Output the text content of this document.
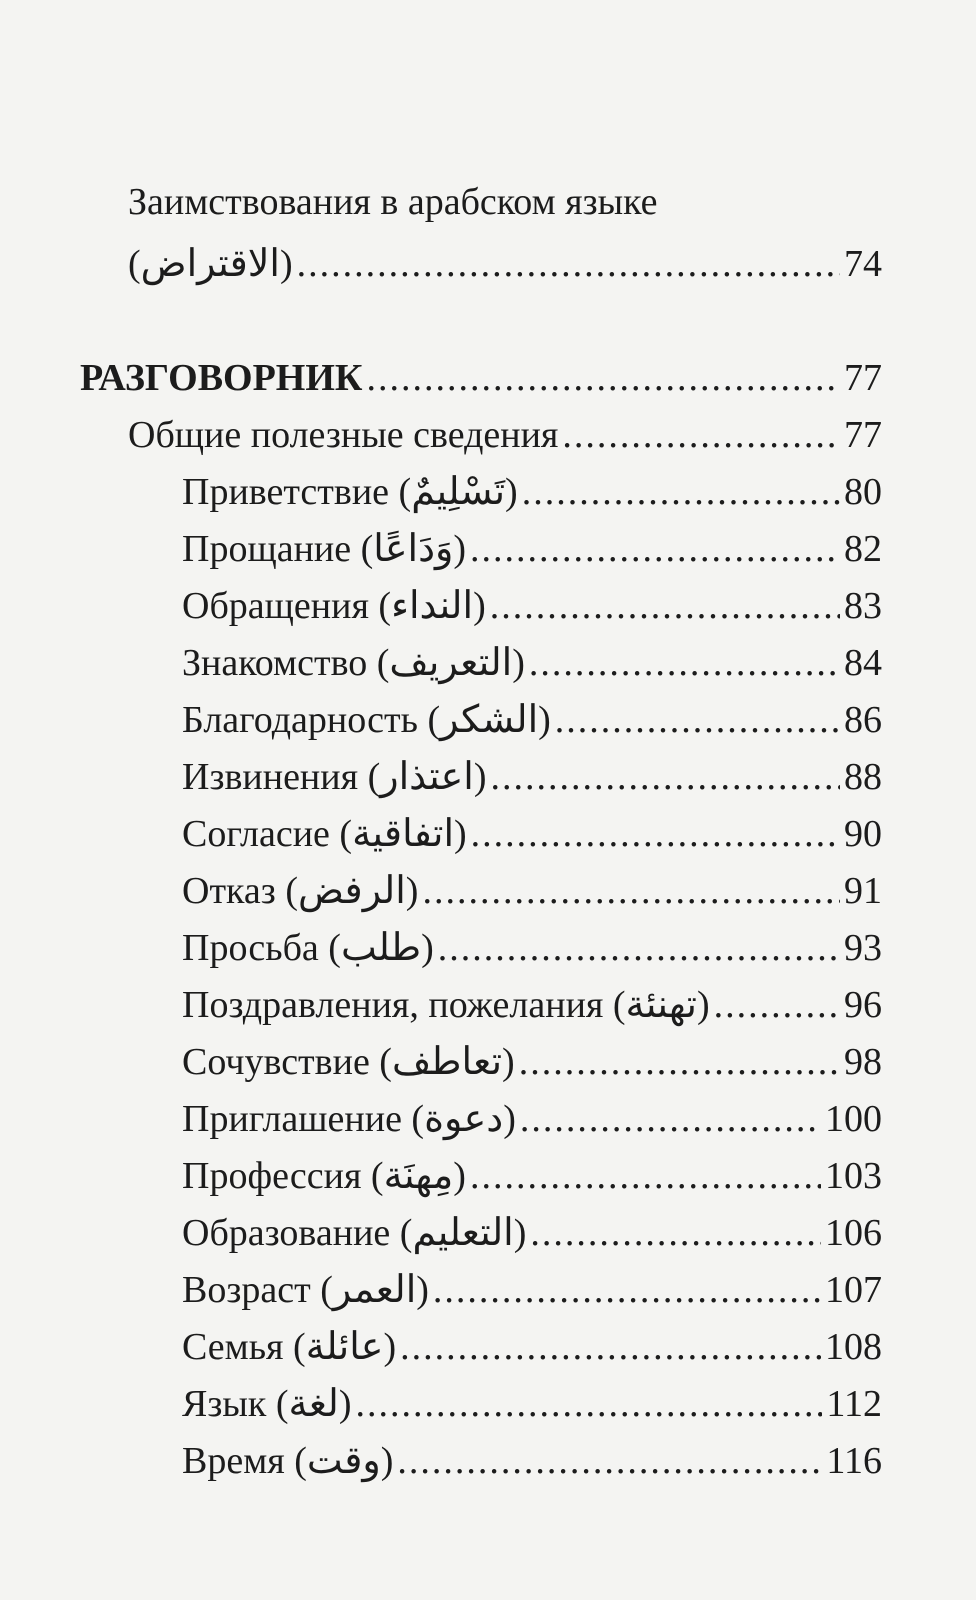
Заимствования в арабском языке
(الاقتراض) .....	74
РАЗГОВОРНИК .....	77
Общие полезные сведения .....	77
Приветствие (تَسْلِيمٌ) .....	80
Прощание (وَدَاعًا) .....	82
Обращения (النداء) .....	83
Знакомство (التعريف) .....	84
Благодарность (الشكر) .....	86
Извинения (اعتذار) .....	88
Согласие (اتفاقية) .....	90
Отказ (الرفض) .....	91
Просьба (طلب) .....	93
Поздравления, пожелания (تهنئة) .....	96
Сочувствие (تعاطف) .....	98
Приглашение (دعوة) .....	100
Профессия (مِهنَة) .....	103
Образование (التعليم) .....	106
Возраст (العمر) .....	107
Семья (عائلة) .....	108
Язык (لغة) .....	112
Время (وقت) .....	116
